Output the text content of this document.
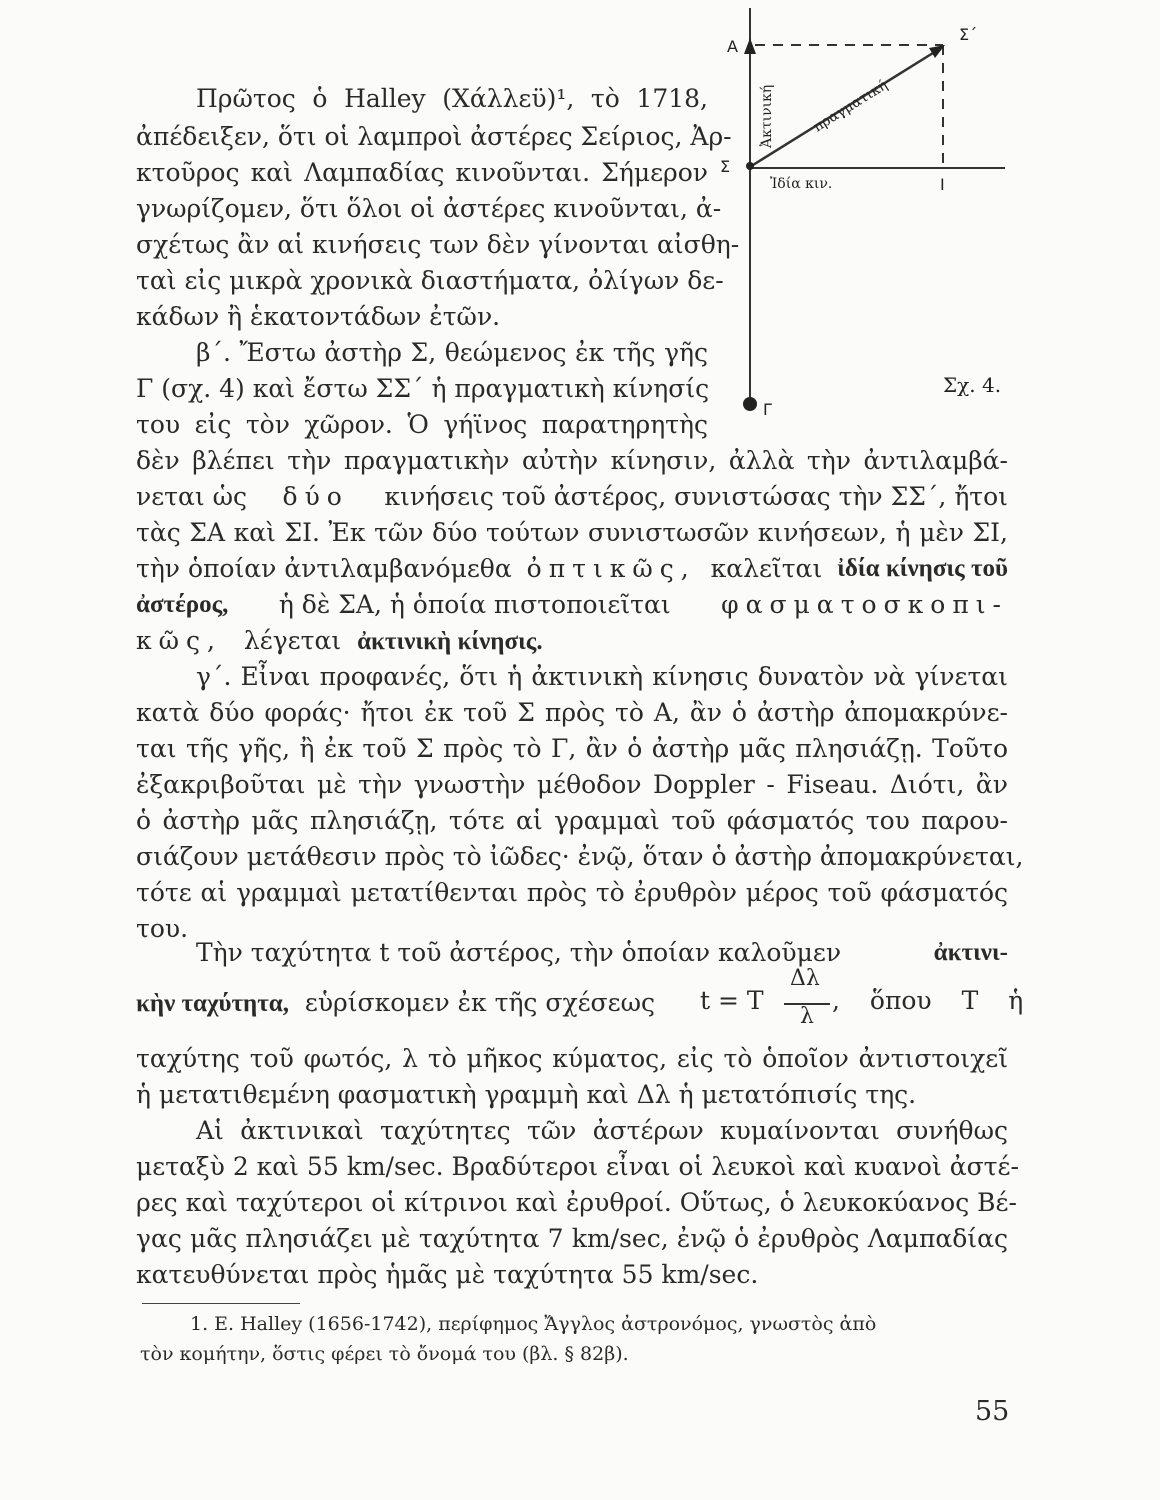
Α
Σ
Σ΄
Ι
Γ
Ἀκτινική	πραγματική
Ἰδία κιν.
Σχ. 4.

Πρῶτος ὁ Halley (Χάλλεϋ)¹, τὸ 1718,

ἀπέδειξεν, ὅτι οἱ λαμπροὶ ἀστέρες Σείριος, Ἀρ-

κτοῦρος καὶ Λαμπαδίας κινοῦνται. Σήμερον

γνωρίζομεν, ὅτι ὅλοι οἱ ἀστέρες κινοῦνται, ἀ-

σχέτως ἂν αἱ κινήσεις των δὲν γίνονται αἰσθη-

ταὶ εἰς μικρὰ χρονικὰ διαστήματα, ὀλίγων δε-

κάδων ἢ ἑκατοντάδων ἐτῶν.

β΄. Ἔστω ἀστὴρ Σ, θεώμενος ἐκ τῆς γῆς

Γ (σχ. 4) καὶ ἔστω ΣΣ΄ ἡ πραγματικὴ κίνησίς

του εἰς τὸν χῶρον. Ὁ γήϊνος παρατηρητὴς

δὲν βλέπει τὴν πραγματικὴν αὐτὴν κίνησιν, ἀλλὰ τὴν ἀντιλαμβά-

νεται ὡς δύο κινήσεις τοῦ ἀστέρος, συνιστώσας τὴν ΣΣ΄, ἤτοι

τὰς ΣΑ καὶ ΣΙ. Ἐκ τῶν δύο τούτων συνιστωσῶν κινήσεων, ἡ μὲν ΣΙ,

τὴν ὁποίαν ἀντιλαμβανόμεθα ὀπτικῶς, καλεῖται ἰδία κίνησις τοῦ
ἀστέρος, ἡ δὲ ΣΑ, ἡ ὁποία πιστοποιεῖται φασματοσκοπι-
κῶς, λέγεται ἀκτινικὴ κίνησις.

γ΄. Εἶναι προφανές, ὅτι ἡ ἀκτινικὴ κίνησις δυνατὸν νὰ γίνεται

κατὰ δύο φοράς· ἤτοι ἐκ τοῦ Σ πρὸς τὸ Α, ἂν ὁ ἀστὴρ ἀπομακρύνε-

ται τῆς γῆς, ἢ ἐκ τοῦ Σ πρὸς τὸ Γ, ἂν ὁ ἀστὴρ μᾶς πλησιάζῃ. Τοῦτο

ἐξακριβοῦται μὲ τὴν γνωστὴν μέθοδον Doppler - Fiseau. Διότι, ἂν

ὁ ἀστὴρ μᾶς πλησιάζῃ, τότε αἱ γραμμαὶ τοῦ φάσματός του παρου-

σιάζουν μετάθεσιν πρὸς τὸ ἰῶδες· ἐνῷ, ὅταν ὁ ἀστὴρ ἀπομακρύνεται,

τότε αἱ γραμμαὶ μετατίθενται πρὸς τὸ ἐρυθρὸν μέρος τοῦ φάσματός

του.

Τὴν ταχύτητα t τοῦ ἀστέρος, τὴν ὁποίαν καλοῦμεν	ἀκτινι-
κὴν ταχύτητα, εὑρίσκομεν ἐκ τῆς σχέσεως	t = T
Δλ
λ
, ὅπου T ἡ

ταχύτης τοῦ φωτός, λ τὸ μῆκος κύματος, εἰς τὸ ὁποῖον ἀντιστοιχεῖ

ἡ μετατιθεμένη φασματικὴ γραμμὴ καὶ Δλ ἡ μετατόπισίς της.

Αἱ ἀκτινικαὶ ταχύτητες τῶν ἀστέρων κυμαίνονται συνήθως

μεταξὺ 2 καὶ 55 km/sec. Βραδύτεροι εἶναι οἱ λευκοὶ καὶ κυανοὶ ἀστέ-

ρες καὶ ταχύτεροι οἱ κίτρινοι καὶ ἐρυθροί. Οὕτως, ὁ λευκοκύανος Βέ-

γας μᾶς πλησιάζει μὲ ταχύτητα 7 km/sec, ἐνῷ ὁ ἐρυθρὸς Λαμπαδίας

κατευθύνεται πρὸς ἡμᾶς μὲ ταχύτητα 55 km/sec.

1. E. Halley (1656-1742), περίφημος Ἄγγλος ἀστρονόμος, γνωστὸς ἀπὸ

τὸν κομήτην, ὅστις φέρει τὸ ὄνομά του (βλ. § 82β).

55
